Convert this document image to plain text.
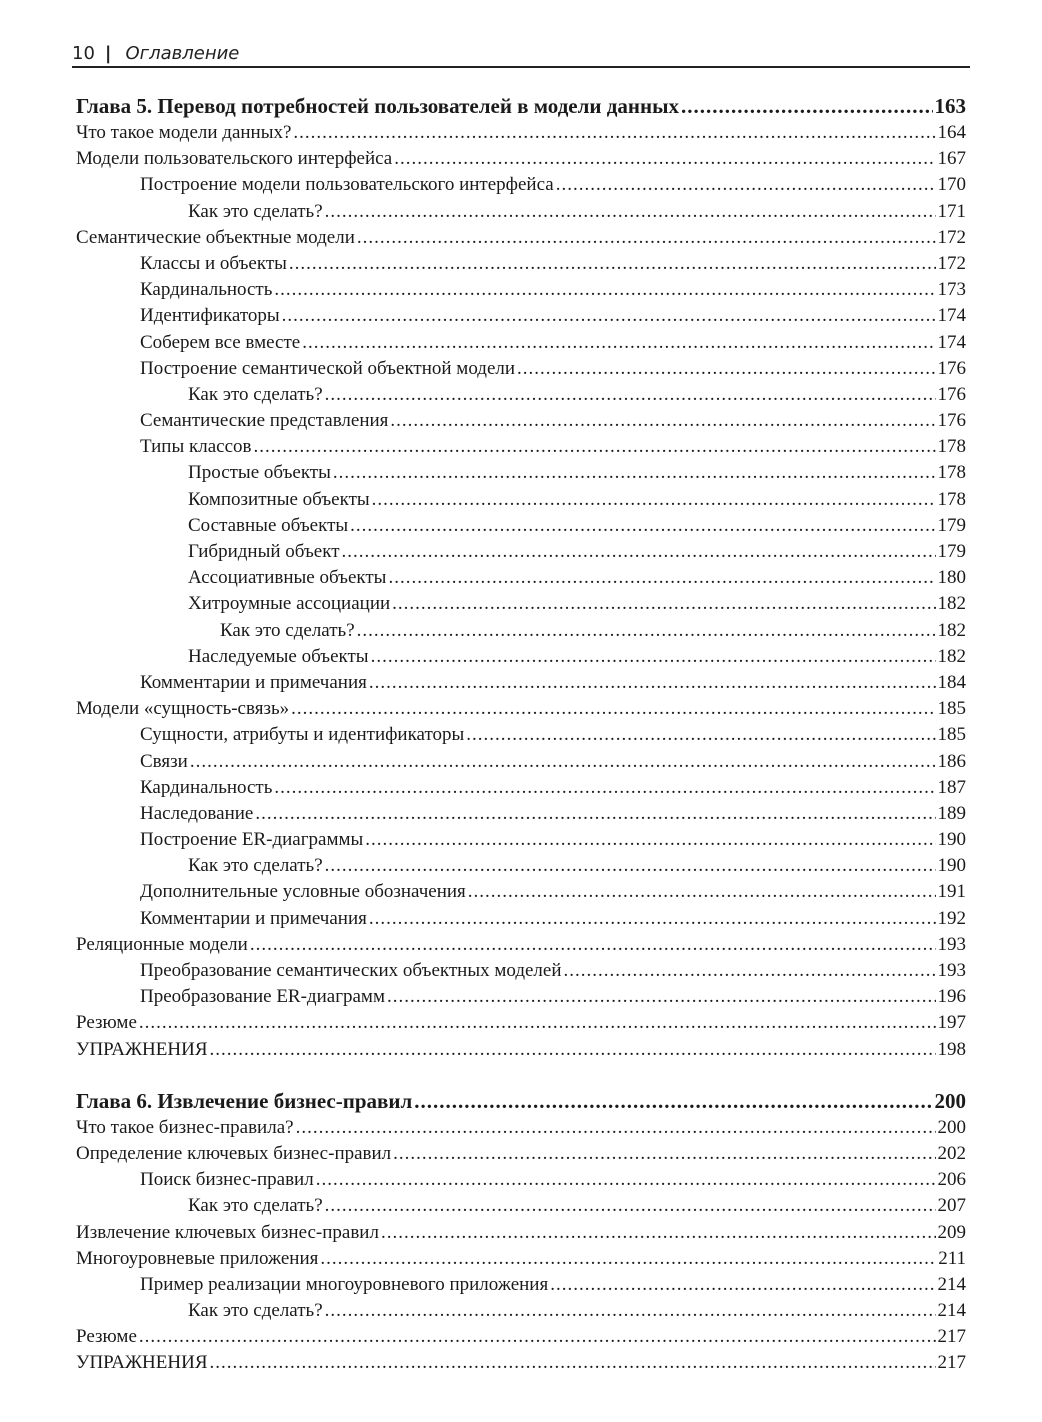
10 | Оглавление
Глава 5. Перевод потребностей пользователей в модели данных .....	163
Что такое модели данных? .....	164
Модели пользовательского интерфейса .....	167
Построение модели пользовательского интерфейса .....	170
Как это сделать? .....	171
Семантические объектные модели .....	172
Классы и объекты .....	172
Кардинальность .....	173
Идентификаторы .....	174
Соберем все вместе .....	174
Построение семантической объектной модели .....	176
Как это сделать? .....	176
Семантические представления .....	176
Типы классов .....	178
Простые объекты .....	178
Композитные объекты .....	178
Составные объекты .....	179
Гибридный объект .....	179
Ассоциативные объекты .....	180
Хитроумные ассоциации .....	182
Как это сделать? .....	182
Наследуемые объекты .....	182
Комментарии и примечания .....	184
Модели «сущность-связь» .....	185
Сущности, атрибуты и идентификаторы .....	185
Связи .....	186
Кардинальность .....	187
Наследование .....	189
Построение ER-диаграммы .....	190
Как это сделать? .....	190
Дополнительные условные обозначения .....	191
Комментарии и примечания .....	192
Реляционные модели .....	193
Преобразование семантических объектных моделей .....	193
Преобразование ER-диаграмм .....	196
Резюме .....	197
УПРАЖНЕНИЯ .....	198
Глава 6. Извлечение бизнес-правил .....	200
Что такое бизнес-правила? .....	200
Определение ключевых бизнес-правил .....	202
Поиск бизнес-правил .....	206
Как это сделать? .....	207
Извлечение ключевых бизнес-правил .....	209
Многоуровневые приложения .....	211
Пример реализации многоуровневого приложения .....	214
Как это сделать? .....	214
Резюме .....	217
УПРАЖНЕНИЯ .....	217
